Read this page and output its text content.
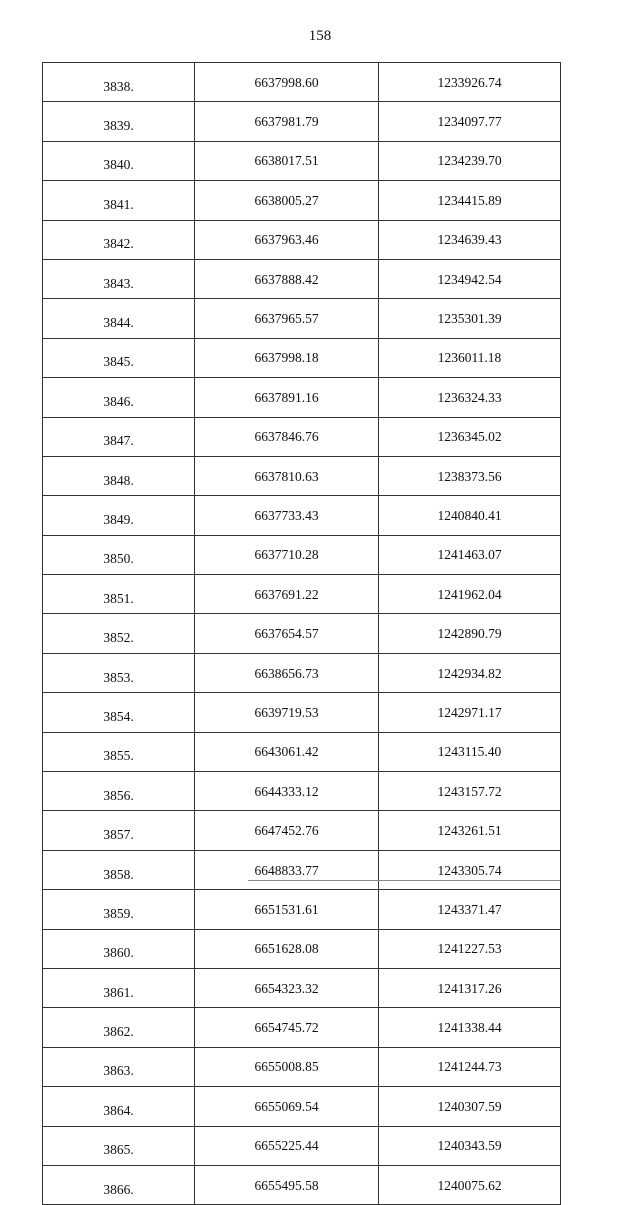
158
3838.	6637998.60	1233926.74
3839.	6637981.79	1234097.77
3840.	6638017.51	1234239.70
3841.	6638005.27	1234415.89
3842.	6637963.46	1234639.43
3843.	6637888.42	1234942.54
3844.	6637965.57	1235301.39
3845.	6637998.18	1236011.18
3846.	6637891.16	1236324.33
3847.	6637846.76	1236345.02
3848.	6637810.63	1238373.56
3849.	6637733.43	1240840.41
3850.	6637710.28	1241463.07
3851.	6637691.22	1241962.04
3852.	6637654.57	1242890.79
3853.	6638656.73	1242934.82
3854.	6639719.53	1242971.17
3855.	6643061.42	1243115.40
3856.	6644333.12	1243157.72
3857.	6647452.76	1243261.51
3858.	6648833.77	1243305.74
3859.	6651531.61	1243371.47
3860.	6651628.08	1241227.53
3861.	6654323.32	1241317.26
3862.	6654745.72	1241338.44
3863.	6655008.85	1241244.73
3864.	6655069.54	1240307.59
3865.	6655225.44	1240343.59
3866.	6655495.58	1240075.62
